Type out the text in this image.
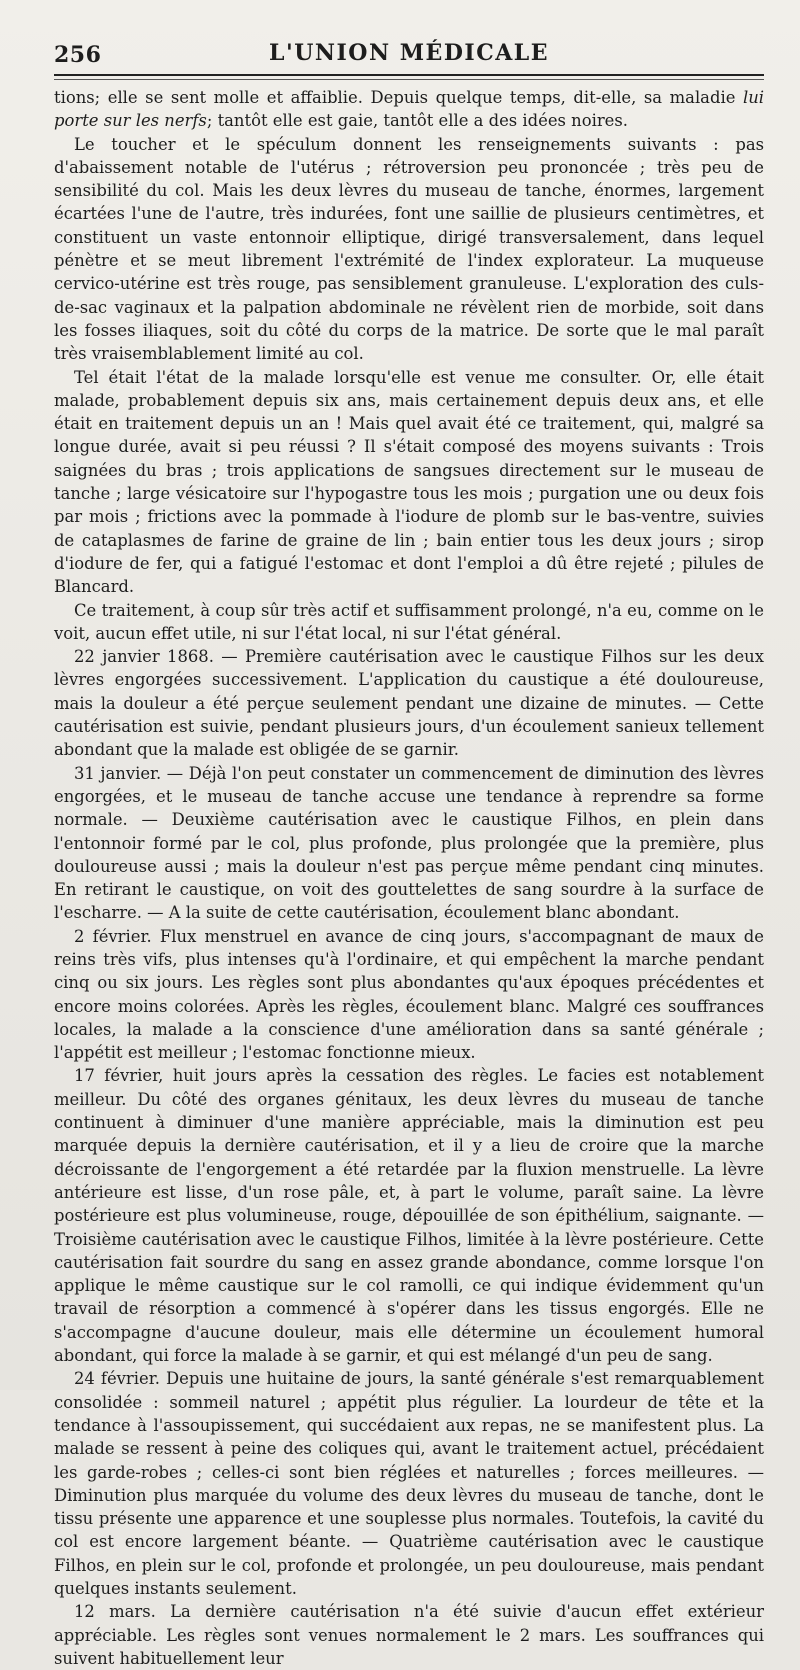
256	L'UNION MÉDICALE

tions; elle se sent molle et affaiblie. Depuis quelque temps, dit-elle, sa maladie lui porte sur les nerfs; tantôt elle est gaie, tantôt elle a des idées noires.

Le toucher et le spéculum donnent les renseignements suivants : pas d'abaissement notable de l'utérus ; rétroversion peu prononcée ; très peu de sensibilité du col. Mais les deux lèvres du museau de tanche, énormes, largement écartées l'une de l'autre, très indurées, font une saillie de plusieurs centimètres, et constituent un vaste entonnoir elliptique, dirigé transversalement, dans lequel pénètre et se meut librement l'extrémité de l'index explorateur. La muqueuse cervico-utérine est très rouge, pas sensiblement granuleuse. L'exploration des culs-de-sac vaginaux et la palpation abdominale ne révèlent rien de morbide, soit dans les fosses iliaques, soit du côté du corps de la matrice. De sorte que le mal paraît très vraisemblablement limité au col.

Tel était l'état de la malade lorsqu'elle est venue me consulter. Or, elle était malade, probablement depuis six ans, mais certainement depuis deux ans, et elle était en traitement depuis un an ! Mais quel avait été ce traitement, qui, malgré sa longue durée, avait si peu réussi ? Il s'était composé des moyens suivants : Trois saignées du bras ; trois applications de sangsues directement sur le museau de tanche ; large vésicatoire sur l'hypogastre tous les mois ; purgation une ou deux fois par mois ; frictions avec la pommade à l'iodure de plomb sur le bas-ventre, suivies de cataplasmes de farine de graine de lin ; bain entier tous les deux jours ; sirop d'iodure de fer, qui a fatigué l'estomac et dont l'emploi a dû être rejeté ; pilules de Blancard.

Ce traitement, à coup sûr très actif et suffisamment prolongé, n'a eu, comme on le voit, aucun effet utile, ni sur l'état local, ni sur l'état général.

22 janvier 1868. — Première cautérisation avec le caustique Filhos sur les deux lèvres engorgées successivement. L'application du caustique a été douloureuse, mais la douleur a été perçue seulement pendant une dizaine de minutes. — Cette cautérisation est suivie, pendant plusieurs jours, d'un écoulement sanieux tellement abondant que la malade est obligée de se garnir.

31 janvier. — Déjà l'on peut constater un commencement de diminution des lèvres engorgées, et le museau de tanche accuse une tendance à reprendre sa forme normale. — Deuxième cautérisation avec le caustique Filhos, en plein dans l'entonnoir formé par le col, plus profonde, plus prolongée que la première, plus douloureuse aussi ; mais la douleur n'est pas perçue même pendant cinq minutes. En retirant le caustique, on voit des gouttelettes de sang sourdre à la surface de l'escharre. — A la suite de cette cautérisation, écoulement blanc abondant.

2 février. Flux menstruel en avance de cinq jours, s'accompagnant de maux de reins très vifs, plus intenses qu'à l'ordinaire, et qui empêchent la marche pendant cinq ou six jours. Les règles sont plus abondantes qu'aux époques précédentes et encore moins colorées. Après les règles, écoulement blanc. Malgré ces souffrances locales, la malade a la conscience d'une amélioration dans sa santé générale ; l'appétit est meilleur ; l'estomac fonctionne mieux.

17 février, huit jours après la cessation des règles. Le facies est notablement meilleur. Du côté des organes génitaux, les deux lèvres du museau de tanche continuent à diminuer d'une manière appréciable, mais la diminution est peu marquée depuis la dernière cautérisation, et il y a lieu de croire que la marche décroissante de l'engorgement a été retardée par la fluxion menstruelle. La lèvre antérieure est lisse, d'un rose pâle, et, à part le volume, paraît saine. La lèvre postérieure est plus volumineuse, rouge, dépouillée de son épithélium, saignante. — Troisième cautérisation avec le caustique Filhos, limitée à la lèvre postérieure. Cette cautérisation fait sourdre du sang en assez grande abondance, comme lorsque l'on applique le même caustique sur le col ramolli, ce qui indique évidemment qu'un travail de résorption a commencé à s'opérer dans les tissus engorgés. Elle ne s'accompagne d'aucune douleur, mais elle détermine un écoulement humoral abondant, qui force la malade à se garnir, et qui est mélangé d'un peu de sang.

24 février. Depuis une huitaine de jours, la santé générale s'est remarquablement consolidée : sommeil naturel ; appétit plus régulier. La lourdeur de tête et la tendance à l'assoupissement, qui succédaient aux repas, ne se manifestent plus. La malade se ressent à peine des coliques qui, avant le traitement actuel, précédaient les garde-robes ; celles-ci sont bien réglées et naturelles ; forces meilleures. — Diminution plus marquée du volume des deux lèvres du museau de tanche, dont le tissu présente une apparence et une souplesse plus normales. Toutefois, la cavité du col est encore largement béante. — Quatrième cautérisation avec le caustique Filhos, en plein sur le col, profonde et prolongée, un peu douloureuse, mais pendant quelques instants seulement.

12 mars. La dernière cautérisation n'a été suivie d'aucun effet extérieur appréciable. Les règles sont venues normalement le 2 mars. Les souffrances qui suivent habituellement leur
